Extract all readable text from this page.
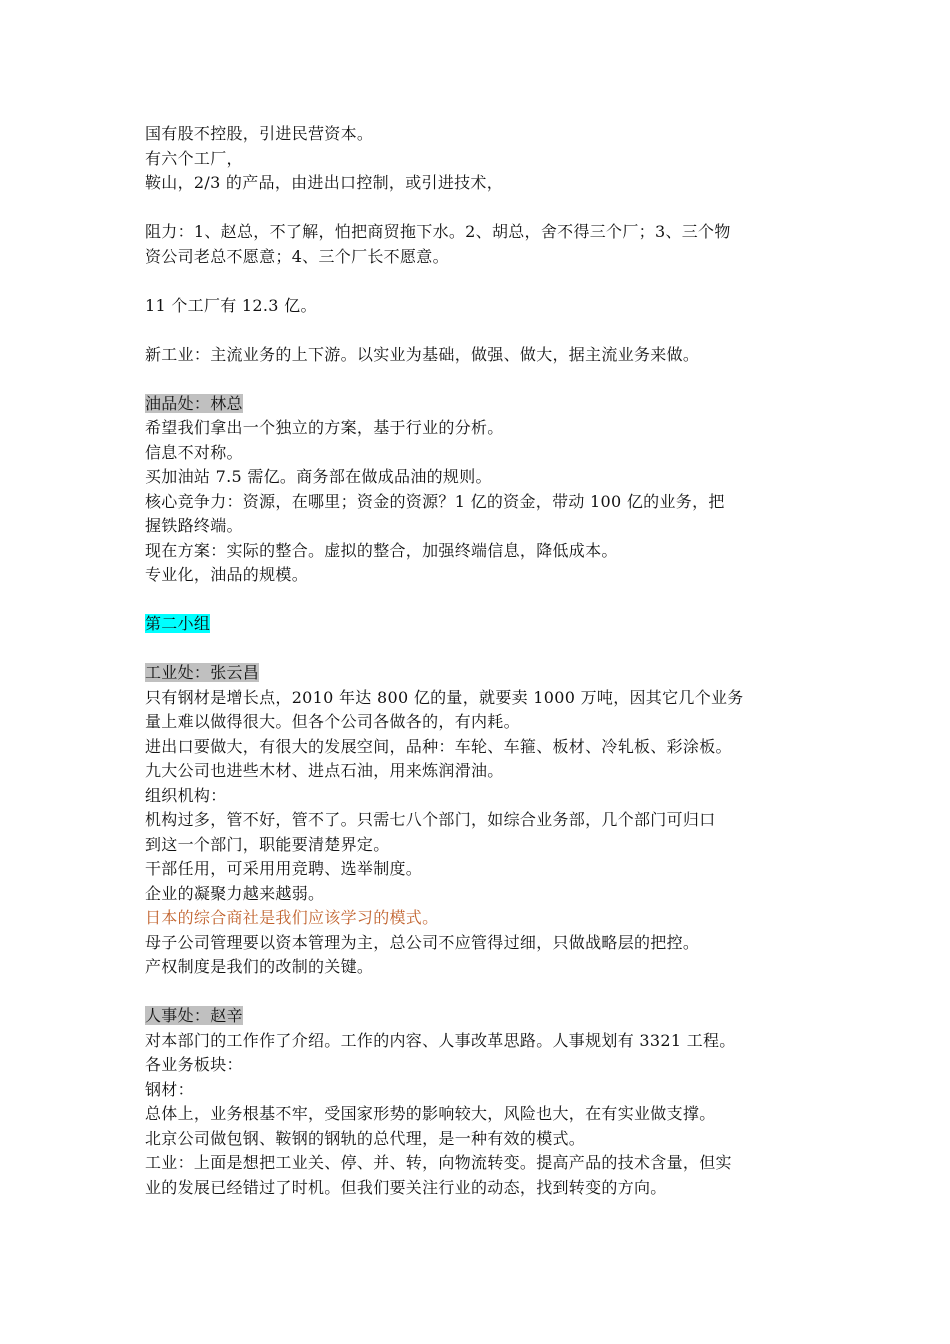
国有股不控股，引进民营资本。

有六个工厂，

鞍山，2/3 的产品，由进出口控制，或引进技术，

阻力：1、赵总，不了解，怕把商贸拖下水。2、胡总，舍不得三个厂；3、三个物

资公司老总不愿意；4、三个厂长不愿意。

11 个工厂有 12.3 亿。

新工业：主流业务的上下游。以实业为基础，做强、做大，据主流业务来做。

油品处：林总

希望我们拿出一个独立的方案，基于行业的分析。

信息不对称。

买加油站 7.5 需亿。商务部在做成品油的规则。

核心竞争力：资源，在哪里；资金的资源？1 亿的资金，带动 100 亿的业务，把

握铁路终端。

现在方案：实际的整合。虚拟的整合，加强终端信息，降低成本。

专业化，油品的规模。

第二小组

工业处：张云昌

只有钢材是增长点，2010 年达 800 亿的量，就要卖 1000 万吨，因其它几个业务

量上难以做得很大。但各个公司各做各的，有内耗。

进出口要做大，有很大的发展空间，品种：车轮、车箍、板材、冷轧板、彩涂板。

九大公司也进些木材、进点石油，用来炼润滑油。

组织机构：

机构过多，管不好，管不了。只需七八个部门，如综合业务部，几个部门可归口

到这一个部门，职能要清楚界定。

干部任用，可采用用竞聘、选举制度。

企业的凝聚力越来越弱。

日本的综合商社是我们应该学习的模式。

母子公司管理要以资本管理为主，总公司不应管得过细，只做战略层的把控。

产权制度是我们的改制的关键。

人事处：赵辛

对本部门的工作作了介绍。工作的内容、人事改革思路。人事规划有 3321 工程。

各业务板块：

钢材：

总体上，业务根基不牢，受国家形势的影响较大，风险也大，在有实业做支撑。

北京公司做包钢、鞍钢的钢轨的总代理，是一种有效的模式。

工业：上面是想把工业关、停、并、转，向物流转变。提高产品的技术含量，但实

业的发展已经错过了时机。但我们要关注行业的动态，找到转变的方向。
